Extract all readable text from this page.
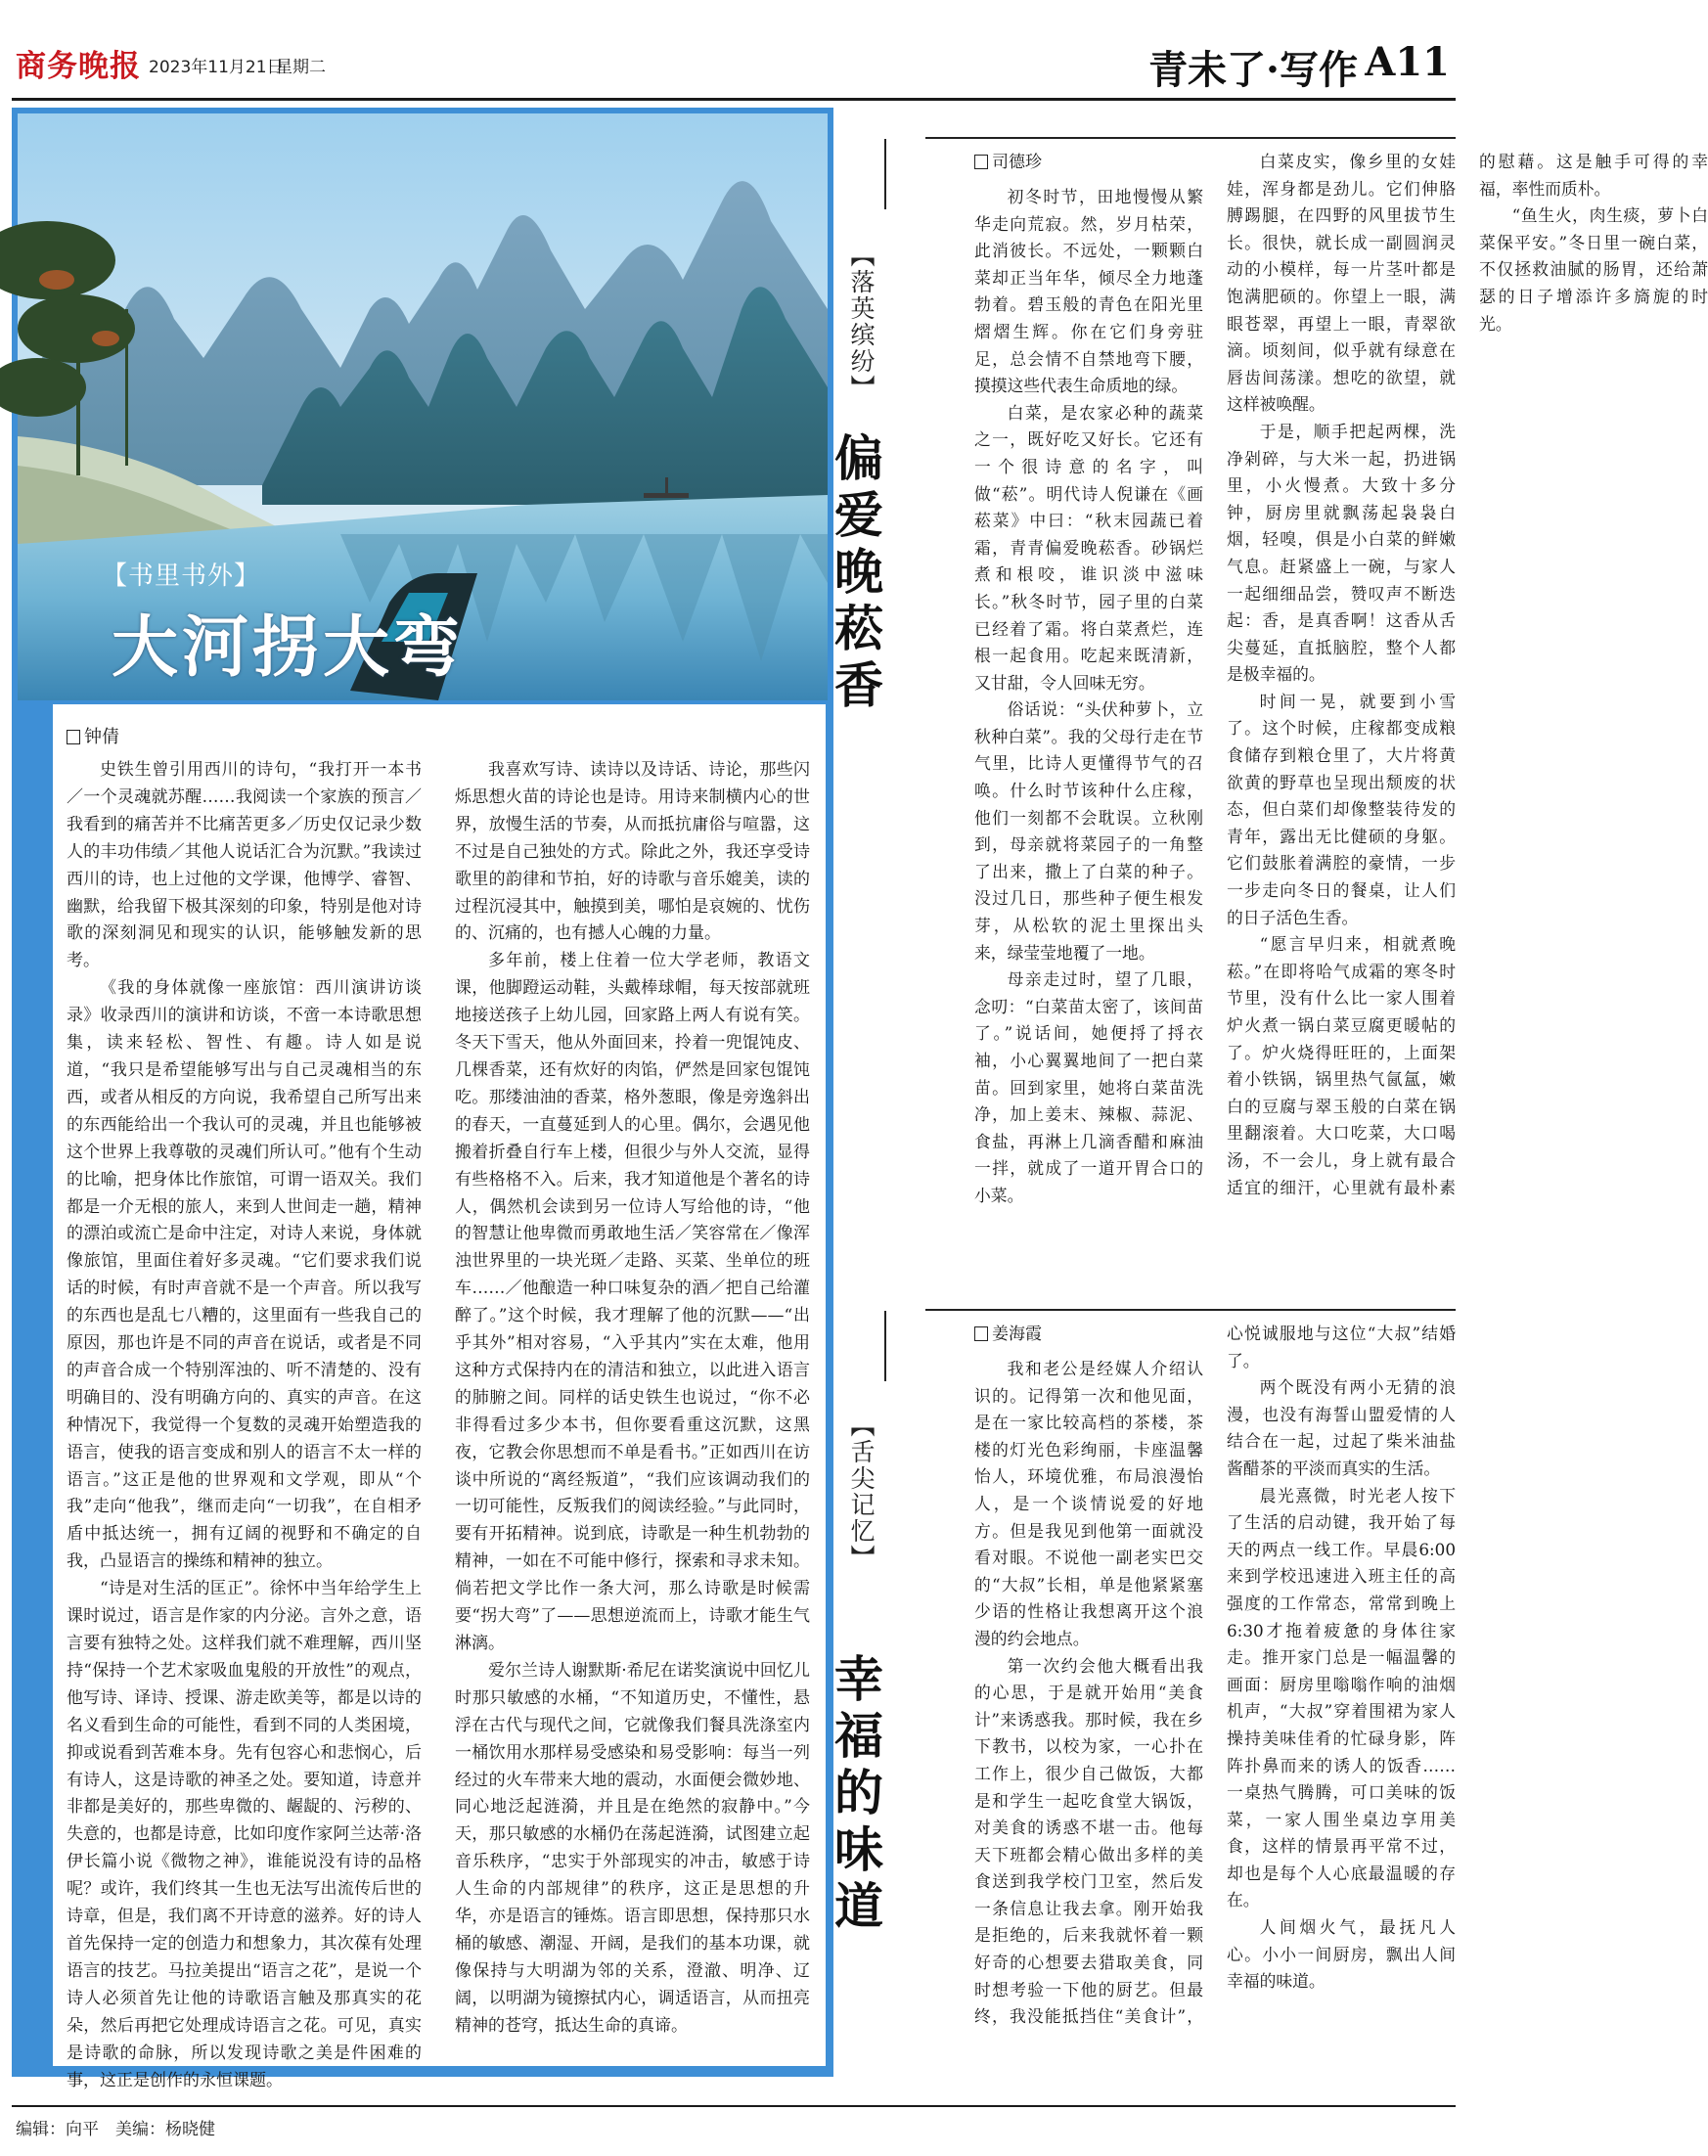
商务晚报 2023年11月21日
星期二	青未了·写作 A11
【书里书外】
大河拐大弯
钟倩

史铁生曾引用西川的诗句，“我打开一本书／一个灵魂就苏醒……我阅读一个家族的预言／我看到的痛苦并不比痛苦更多／历史仅记录少数人的丰功伟绩／其他人说话汇合为沉默。”我读过西川的诗，也上过他的文学课，他博学、睿智、幽默，给我留下极其深刻的印象，特别是他对诗歌的深刻洞见和现实的认识，能够触发新的思考。

《我的身体就像一座旅馆：西川演讲访谈录》收录西川的演讲和访谈，不啻一本诗歌思想集，读来轻松、智性、有趣。诗人如是说道，“我只是希望能够写出与自己灵魂相当的东西，或者从相反的方向说，我希望自己所写出来的东西能给出一个我认可的灵魂，并且也能够被这个世界上我尊敬的灵魂们所认可。”他有个生动的比喻，把身体比作旅馆，可谓一语双关。我们都是一介无根的旅人，来到人世间走一趟，精神的漂泊或流亡是命中注定，对诗人来说，身体就像旅馆，里面住着好多灵魂。“它们要求我们说话的时候，有时声音就不是一个声音。所以我写的东西也是乱七八糟的，这里面有一些我自己的原因，那也许是不同的声音在说话，或者是不同的声音合成一个特别浑浊的、听不清楚的、没有明确目的、没有明确方向的、真实的声音。在这种情况下，我觉得一个复数的灵魂开始塑造我的语言，使我的语言变成和别人的语言不太一样的语言。”这正是他的世界观和文学观，即从“个我”走向“他我”，继而走向“一切我”，在自相矛盾中抵达统一，拥有辽阔的视野和不确定的自我，凸显语言的操练和精神的独立。

“诗是对生活的匡正”。徐怀中当年给学生上课时说过，语言是作家的内分泌。言外之意，语言要有独特之处。这样我们就不难理解，西川坚持“保持一个艺术家吸血鬼般的开放性”的观点，他写诗、译诗、授课、游走欧美等，都是以诗的名义看到生命的可能性，看到不同的人类困境，抑或说看到苦难本身。先有包容心和悲悯心，后有诗人，这是诗歌的神圣之处。要知道，诗意并非都是美好的，那些卑微的、龌龊的、污秽的、失意的，也都是诗意，比如印度作家阿兰达蒂·洛伊长篇小说《微物之神》，谁能说没有诗的品格呢？或许，我们终其一生也无法写出流传后世的诗章，但是，我们离不开诗意的滋养。好的诗人首先保持一定的创造力和想象力，其次葆有处理语言的技艺。马拉美提出“语言之花”，是说一个诗人必须首先让他的诗歌语言触及那真实的花朵，然后再把它处理成诗语言之花。可见，真实是诗歌的命脉，所以发现诗歌之美是件困难的事，这正是创作的永恒课题。

我喜欢写诗、读诗以及诗话、诗论，那些闪烁思想火苗的诗论也是诗。用诗来制横内心的世界，放慢生活的节奏，从而抵抗庸俗与喧嚣，这不过是自己独处的方式。除此之外，我还享受诗歌里的韵律和节拍，好的诗歌与音乐媲美，读的过程沉浸其中，触摸到美，哪怕是哀婉的、忧伤的、沉痛的，也有撼人心魄的力量。

多年前，楼上住着一位大学老师，教语文课，他脚蹬运动鞋，头戴棒球帽，每天按部就班地接送孩子上幼儿园，回家路上两人有说有笑。冬天下雪天，他从外面回来，拎着一兜馄饨皮、几棵香菜，还有炊好的肉馅，俨然是回家包馄饨吃。那缕油油的香菜，格外葱眼，像是旁逸斜出的春天，一直蔓延到人的心里。偶尔，会遇见他搬着折叠自行车上楼，但很少与外人交流，显得有些格格不入。后来，我才知道他是个著名的诗人，偶然机会读到另一位诗人写给他的诗，“他的智慧让他卑微而勇敢地生活／笑容常在／像浑浊世界里的一块光斑／走路、买菜、坐单位的班车……／他酿造一种口味复杂的酒／把自己给灌醉了。”这个时候，我才理解了他的沉默——“出乎其外”相对容易，“入乎其内”实在太难，他用这种方式保持内在的清洁和独立，以此进入语言的肺腑之间。同样的话史铁生也说过，“你不必非得看过多少本书，但你要看重这沉默，这黑夜，它教会你思想而不单是看书。”正如西川在访谈中所说的“离经叛道”，“我们应该调动我们的一切可能性，反叛我们的阅读经验。”与此同时，要有开拓精神。说到底，诗歌是一种生机勃勃的精神，一如在不可能中修行，探索和寻求未知。倘若把文学比作一条大河，那么诗歌是时候需要“拐大弯”了——思想逆流而上，诗歌才能生气淋漓。

爱尔兰诗人谢默斯·希尼在诺奖演说中回忆儿时那只敏感的水桶，“不知道历史，不懂性，悬浮在古代与现代之间，它就像我们餐具洗涤室内一桶饮用水那样易受感染和易受影响：每当一列经过的火车带来大地的震动，水面便会微妙地、同心地泛起涟漪，并且是在绝然的寂静中。”今天，那只敏感的水桶仍在荡起涟漪，试图建立起音乐秩序，“忠实于外部现实的冲击，敏感于诗人生命的内部规律”的秩序，这正是思想的升华，亦是语言的锤炼。语言即思想，保持那只水桶的敏感、潮湿、开阔，是我们的基本功课，就像保持与大明湖为邻的关系，澄澈、明净、辽阔，以明湖为镜擦拭内心，调适语言，从而扭亮精神的苍穹，抵达生命的真谛。

【落英缤纷】
偏爱晚菘香
司德珍

初冬时节，田地慢慢从繁华走向荒寂。然，岁月枯荣，此消彼长。不远处，一颗颗白菜却正当年华，倾尽全力地蓬勃着。碧玉般的青色在阳光里熠熠生辉。你在它们身旁驻足，总会情不自禁地弯下腰，摸摸这些代表生命质地的绿。

白菜，是农家必种的蔬菜之一，既好吃又好长。它还有一个很诗意的名字，叫做“菘”。明代诗人倪谦在《画菘菜》中曰：“秋末园蔬已着霜，青青偏爱晚菘香。砂锅烂煮和根咬，谁识淡中滋味长。”秋冬时节，园子里的白菜已经着了霜。将白菜煮烂，连根一起食用。吃起来既清新，又甘甜，令人回味无穷。

俗话说：“头伏种萝卜，立秋种白菜”。我的父母行走在节气里，比诗人更懂得节气的召唤。什么时节该种什么庄稼，他们一刻都不会耽误。立秋刚到，母亲就将菜园子的一角整了出来，撒上了白菜的种子。没过几日，那些种子便生根发芽，从松软的泥土里探出头来，绿莹莹地覆了一地。

母亲走过时，望了几眼，念叨：“白菜苗太密了，该间苗了。”说话间，她便捋了捋衣袖，小心翼翼地间了一把白菜苗。回到家里，她将白菜苗洗净，加上姜末、辣椒、蒜泥、食盐，再淋上几滴香醋和麻油一拌，就成了一道开胃合口的小菜。

白菜皮实，像乡里的女娃娃，浑身都是劲儿。它们伸胳膊踢腿，在四野的风里拔节生长。很快，就长成一副圆润灵动的小模样，每一片茎叶都是饱满肥硕的。你望上一眼，满眼苍翠，再望上一眼，青翠欲滴。顷刻间，似乎就有绿意在唇齿间荡漾。想吃的欲望，就这样被唤醒。

于是，顺手把起两棵，洗净剁碎，与大米一起，扔进锅里，小火慢煮。大致十多分钟，厨房里就飘荡起袅袅白烟，轻嗅，俱是小白菜的鲜嫩气息。赶紧盛上一碗，与家人一起细细品尝，赞叹声不断迭起：香，是真香啊！这香从舌尖蔓延，直抵脑腔，整个人都是极幸福的。

时间一晃，就要到小雪了。这个时候，庄稼都变成粮食储存到粮仓里了，大片将黄欲黄的野草也呈现出颓废的状态，但白菜们却像整装待发的青年，露出无比健硕的身躯。它们鼓胀着满腔的豪情，一步一步走向冬日的餐桌，让人们的日子活色生香。

“愿言早归来，相就煮晚菘。”在即将哈气成霜的寒冬时节里，没有什么比一家人围着炉火煮一锅白菜豆腐更暖帖的了。炉火烧得旺旺的，上面架着小铁锅，锅里热气氤氲，嫩白的豆腐与翠玉般的白菜在锅里翻滚着。大口吃菜，大口喝汤，不一会儿，身上就有最合适宜的细汗，心里就有最朴素的慰藉。这是触手可得的幸福，率性而质朴。

“鱼生火，肉生痰，萝卜白菜保平安。”冬日里一碗白菜，不仅拯救油腻的肠胃，还给萧瑟的日子增添许多旖旎的时光。

【舌尖记忆】
幸福的味道
姜海霞

我和老公是经媒人介绍认识的。记得第一次和他见面，是在一家比较高档的茶楼，茶楼的灯光色彩绚丽，卡座温馨怡人，环境优雅，布局浪漫怡人，是一个谈情说爱的好地方。但是我见到他第一面就没看对眼。不说他一副老实巴交的“大叔”长相，单是他紧紧塞少语的性格让我想离开这个浪漫的约会地点。

第一次约会他大概看出我的心思，于是就开始用“美食计”来诱惑我。那时候，我在乡下教书，以校为家，一心扑在工作上，很少自己做饭，大都是和学生一起吃食堂大锅饭，对美食的诱惑不堪一击。他每天下班都会精心做出多样的美食送到我学校门卫室，然后发一条信息让我去拿。刚开始我是拒绝的，后来我就怀着一颗好奇的心想要去猎取美食，同时想考验一下他的厨艺。但最终，我没能抵挡住“美食计”，心悦诚服地与这位“大叔”结婚了。

两个既没有两小无猜的浪漫，也没有海誓山盟爱情的人结合在一起，过起了柴米油盐酱醋茶的平淡而真实的生活。

晨光熹微，时光老人按下了生活的启动键，我开始了每天的两点一线工作。早晨6:00来到学校迅速进入班主任的高强度的工作常态，常常到晚上6:30才拖着疲惫的身体往家走。推开家门总是一幅温馨的画面：厨房里嗡嗡作响的油烟机声，“大叔”穿着围裙为家人操持美味佳肴的忙碌身影，阵阵扑鼻而来的诱人的饭香……一桌热气腾腾，可口美味的饭菜，一家人围坐桌边享用美食，这样的情景再平常不过，却也是每个人心底最温暖的存在。

人间烟火气，最抚凡人心。小小一间厨房，飘出人间幸福的味道。

编辑：向平　美编：杨晓健
